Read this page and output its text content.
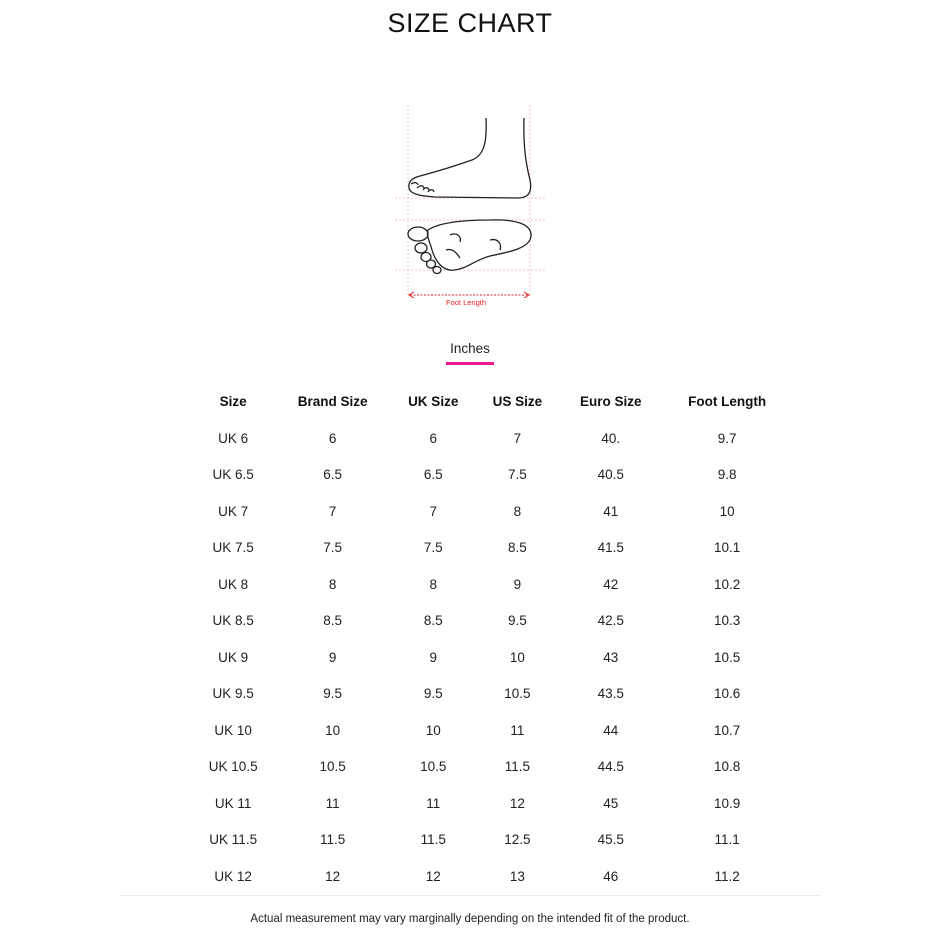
SIZE CHART
Foot Length
Inches
Size	Brand Size	UK Size	US Size	Euro Size	Foot Length
UK 6	6	6	7	40.	9.7
UK 6.5	6.5	6.5	7.5	40.5	9.8
UK 7	7	7	8	41	10
UK 7.5	7.5	7.5	8.5	41.5	10.1
UK 8	8	8	9	42	10.2
UK 8.5	8.5	8.5	9.5	42.5	10.3
UK 9	9	9	10	43	10.5
UK 9.5	9.5	9.5	10.5	43.5	10.6
UK 10	10	10	11	44	10.7
UK 10.5	10.5	10.5	11.5	44.5	10.8
UK 11	11	11	12	45	10.9
UK 11.5	11.5	11.5	12.5	45.5	11.1
UK 12	12	12	13	46	11.2
Actual measurement may vary marginally depending on the intended fit of the product.
